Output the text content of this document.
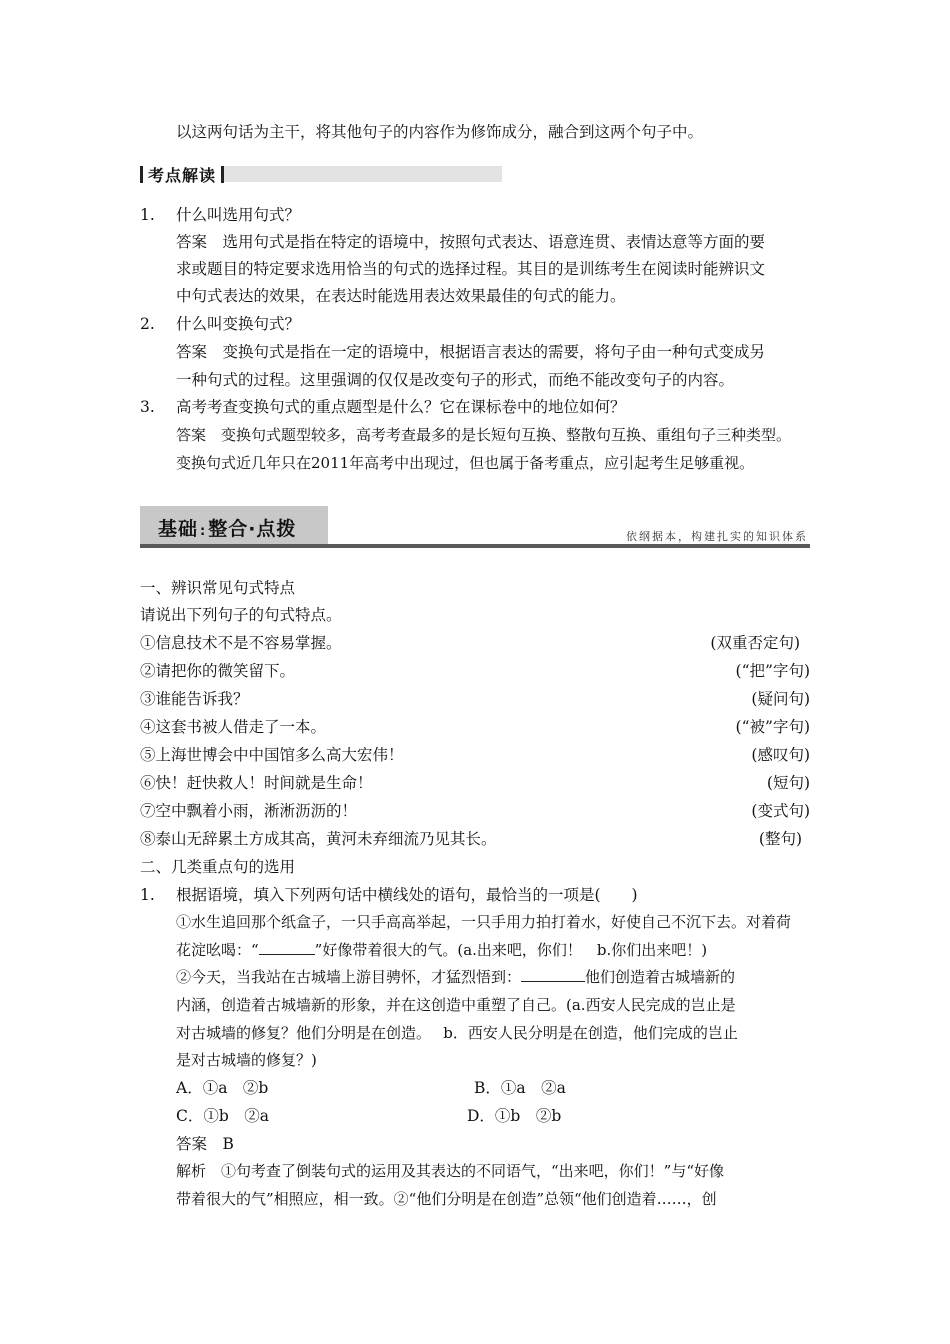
以这两句话为主干，将其他句子的内容作为修饰成分，融合到这两个句子中。
考点解读
1. 什么叫选用句式？
答案　选用句式是指在特定的语境中，按照句式表达、语意连贯、表情达意等方面的要
求或题目的特定要求选用恰当的句式的选择过程。其目的是训练考生在阅读时能辨识文
中句式表达的效果，在表达时能选用表达效果最佳的句式的能力。
2. 什么叫变换句式？
答案　变换句式是指在一定的语境中，根据语言表达的需要，将句子由一种句式变成另
一种句式的过程。这里强调的仅仅是改变句子的形式，而绝不能改变句子的内容。
3. 高考考查变换句式的重点题型是什么？它在课标卷中的地位如何？
答案　变换句式题型较多，高考考查最多的是长短句互换、整散句互换、重组句子三种类型。
变换句式近几年只在2011年高考中出现过，但也属于备考重点，应引起考生足够重视。
基础 : 整合·点拨	依纲据本，构建扎实的知识体系
一、辨识常见句式特点
请说出下列句子的句式特点。
①信息技术不是不容易掌握。	(双重否定句)
②请把你的微笑留下。	(“把”字句)
③谁能告诉我？	(疑问句)
④这套书被人借走了一本。	(“被”字句)
⑤上海世博会中中国馆多么高大宏伟！	(感叹句)
⑥快！赶快救人！时间就是生命！	(短句)
⑦空中飘着小雨，淅淅沥沥的！	(变式句)
⑧泰山无辞累土方成其高，黄河未弃细流乃见其长。	(整句)
二、几类重点句的选用
1. 根据语境，填入下列两句话中横线处的语句，最恰当的一项是(　　)
①水生追回那个纸盒子，一只手高高举起，一只手用力拍打着水，好使自己不沉下去。对着荷
花淀吆喝：“	”好像带着很大的气。(a.出来吧，你们！　b.你们出来吧！)
②今天，当我站在古城墙上游目骋怀，才猛烈悟到：	他们创造着古城墙新的
内涵，创造着古城墙新的形象，并在这创造中重塑了自己。(a.西安人民完成的岂止是
对古城墙的修复？他们分明是在创造。　 b．西安人民分明是在创造，他们完成的岂止
是对古城墙的修复？)
A．①a　②b	B．①a　②a
C．①b　②a	D．①b　②b
答案　B
解析　①句考查了倒装句式的运用及其表达的不同语气，“出来吧，你们！”与“好像
带着很大的气”相照应，相一致。②“他们分明是在创造”总领“他们创造着……，创
